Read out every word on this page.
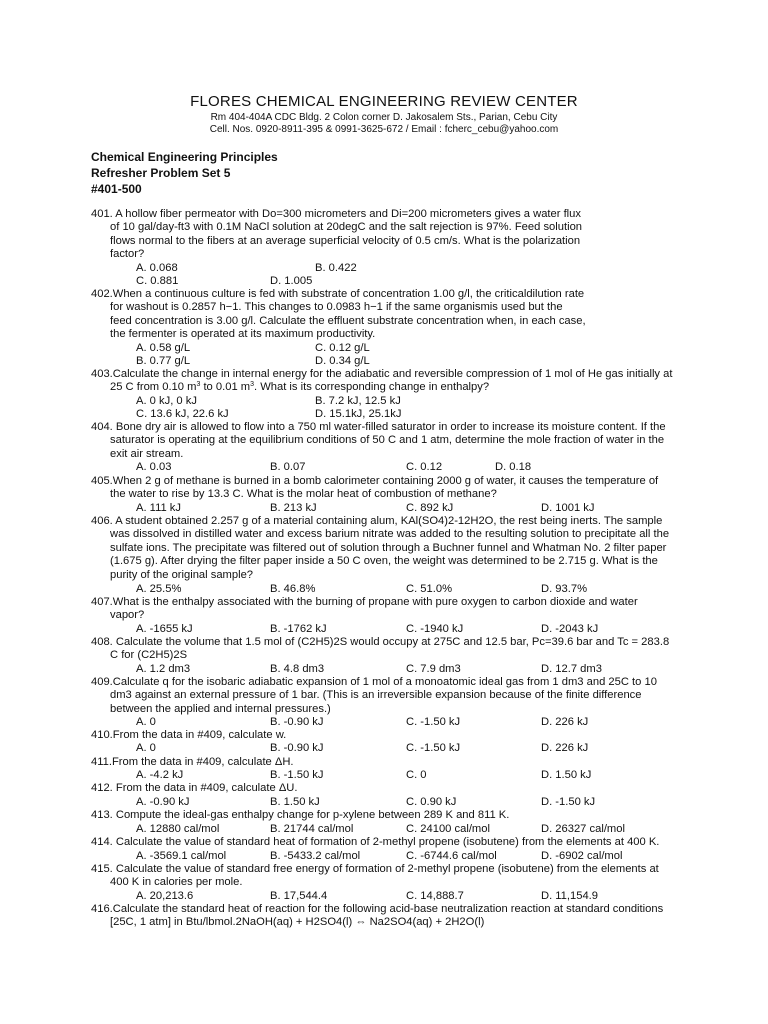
FLORES CHEMICAL ENGINEERING REVIEW CENTER
Rm 404-404A CDC Bldg. 2 Colon corner D. Jakosalem Sts., Parian, Cebu City
Cell. Nos. 0920-8911-395 & 0991-3625-672 / Email : fcherc_cebu@yahoo.com
Chemical Engineering Principles
Refresher Problem Set 5
#401-500
401. A hollow fiber permeator with Do=300 micrometers and Di=200 micrometers gives a water flux
of 10 gal/day-ft3 with 0.1M NaCl solution at 20degC and the salt rejection is 97%. Feed solution
flows normal to the fibers at an average superficial velocity of 0.5 cm/s. What is the polarization
factor?
A. 0.068	B. 0.422
C. 0.881	D. 1.005
402.When a continuous culture is fed with substrate of concentration 1.00 g/l, the criticaldilution rate
for washout is 0.2857 h−1. This changes to 0.0983 h−1 if the same organismis used but the
feed concentration is 3.00 g/l. Calculate the effluent substrate concentration when, in each case,
the fermenter is operated at its maximum productivity.
A. 0.58 g/L	C. 0.12 g/L
B. 0.77 g/L	D. 0.34 g/L
403.Calculate the change in internal energy for the adiabatic and reversible compression of 1 mol of He gas initially at
25 C from 0.10 $m^3$ to 0.01 $m^3$. What is its corresponding change in enthalpy?
A. 0 kJ, 0 kJ	B. 7.2 kJ, 12.5 kJ
C. 13.6 kJ, 22.6 kJ	D. 15.1kJ, 25.1kJ
404. Bone dry air is allowed to flow into a 750 ml water-filled saturator in order to increase its moisture content. If the
saturator is operating at the equilibrium conditions of 50 C and 1 atm, determine the mole fraction of water in the
exit air stream.
A. 0.03	B. 0.07	C. 0.12	D. 0.18
405.When 2 g of methane is burned in a bomb calorimeter containing 2000 g of water, it causes the temperature of
the water to rise by 13.3 C. What is the molar heat of combustion of methane?
A. 111 kJ	B. 213 kJ	C. 892 kJ	D. 1001 kJ
406. A student obtained 2.257 g of a material containing alum, KAl(SO4)2-12H2O, the rest being inerts. The sample
was dissolved in distilled water and excess barium nitrate was added to the resulting solution to precipitate all the
sulfate ions. The precipitate was filtered out of solution through a Buchner funnel and Whatman No. 2 filter paper
(1.675 g). After drying the filter paper inside a 50 C oven, the weight was determined to be 2.715 g. What is the
purity of the original sample?
A. 25.5%	B. 46.8%	C. 51.0%	D. 93.7%
407.What is the enthalpy associated with the burning of propane with pure oxygen to carbon dioxide and water
vapor?
A. -1655 kJ	B. -1762 kJ	C. -1940 kJ	D. -2043 kJ
408. Calculate the volume that 1.5 mol of (C2H5)2S would occupy at 275C and 12.5 bar, Pc=39.6 bar and Tc = 283.8
C for (C2H5)2S
A. 1.2 dm3	B. 4.8 dm3	C. 7.9 dm3	D. 12.7 dm3
409.Calculate q for the isobaric adiabatic expansion of 1 mol of a monoatomic ideal gas from 1 dm3 and 25C to 10
dm3 against an external pressure of 1 bar. (This is an irreversible expansion because of the finite difference
between the applied and internal pressures.)
A. 0	B. -0.90 kJ	C. -1.50 kJ	D. 226 kJ
410.From the data in #409, calculate w.
A. 0	B. -0.90 kJ	C. -1.50 kJ	D. 226 kJ
411.From the data in #409, calculate ΔH.
A. -4.2 kJ	B. -1.50 kJ	C. 0	D. 1.50 kJ
412. From the data in #409, calculate ΔU.
A. -0.90 kJ	B. 1.50 kJ	C. 0.90 kJ	D. -1.50 kJ
413. Compute the ideal-gas enthalpy change for p-xylene between 289 K and 811 K.
A. 12880 cal/mol	B. 21744 cal/mol	C. 24100 cal/mol	D. 26327 cal/mol
414. Calculate the value of standard heat of formation of 2-methyl propene (isobutene) from the elements at 400 K.
A. -3569.1 cal/mol	B. -5433.2 cal/mol	C. -6744.6 cal/mol	D. -6902 cal/mol
415. Calculate the value of standard free energy of formation of 2-methyl propene (isobutene) from the elements at
400 K in calories per mole.
A. 20,213.6	B. 17,544.4	C. 14,888.7	D. 11,154.9
416.Calculate the standard heat of reaction for the following acid-base neutralization reaction at standard conditions
[25C, 1 atm] in Btu/lbmol.2NaOH(aq) + H2SO4(l) ⇔ Na2SO4(aq) + 2H2O(l)
